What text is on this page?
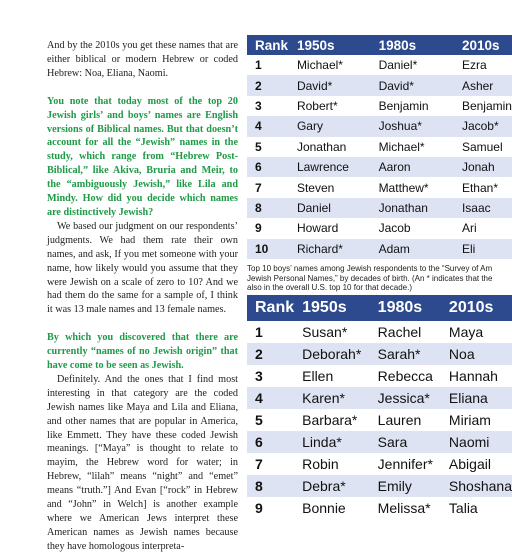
And by the 2010s you get these names that are either biblical or modern Hebrew or coded Hebrew: Noa, Eliana, Naomi.

You note that today most of the top 20 Jewish girls’ and boys’ names are English versions of Biblical names. But that doesn’t account for all the “Jewish” names in the study, which range from “Hebrew Post-Biblical,” like Akiva, Bruria and Meir, to the “ambiguously Jewish,” like Lila and Mindy. How did you decide which names are distinctively Jewish?

We based our judgment on our respondents’ judgments. We had them rate their own names, and ask, If you met someone with your name, how likely would you assume that they were Jewish on a scale of zero to 10? And we had them do the same for a sample of, I think it was 13 male names and 13 female names.

By which you discovered that there are currently “names of no Jewish origin” that have come to be seen as Jewish.

Definitely. And the ones that I find most interesting in that category are the coded Jewish names like Maya and Lila and Eliana, and other names that are popular in America, like Emmett. They have these coded Jewish meanings. [“Maya” is thought to relate to mayim, the Hebrew word for water; in Hebrew, “lilah” means “night” and “emet” means “truth.”] And Evan [“rock” in Hebrew and “John” in Welch] is another example where we American Jews interpret these American names as Jewish names because they have homologous interpreta-

Rank	1950s	1980s	2010s
1	Michael*	Daniel*	Ezra
2	David*	David*	Asher
3	Robert*	Benjamin	Benjamin
4	Gary	Joshua*	Jacob*
5	Jonathan	Michael*	Samuel
6	Lawrence	Aaron	Jonah
7	Steven	Matthew*	Ethan*
8	Daniel	Jonathan	Isaac
9	Howard	Jacob	Ari
10	Richard*	Adam	Eli
Top 10 boys’ names among Jewish respondents to the “Survey of Am
Jewish Personal Names,” by decades of birth. (An * indicates that the
also in the overall U.S. top 10 for that decade.)
Rank	1950s	1980s	2010s
1	Susan*	Rachel	Maya
2	Deborah*	Sarah*	Noa
3	Ellen	Rebecca	Hannah
4	Karen*	Jessica*	Eliana
5	Barbara*	Lauren	Miriam
6	Linda*	Sara	Naomi
7	Robin	Jennifer*	Abigail
8	Debra*	Emily	Shoshana
9	Bonnie	Melissa*	Talia
